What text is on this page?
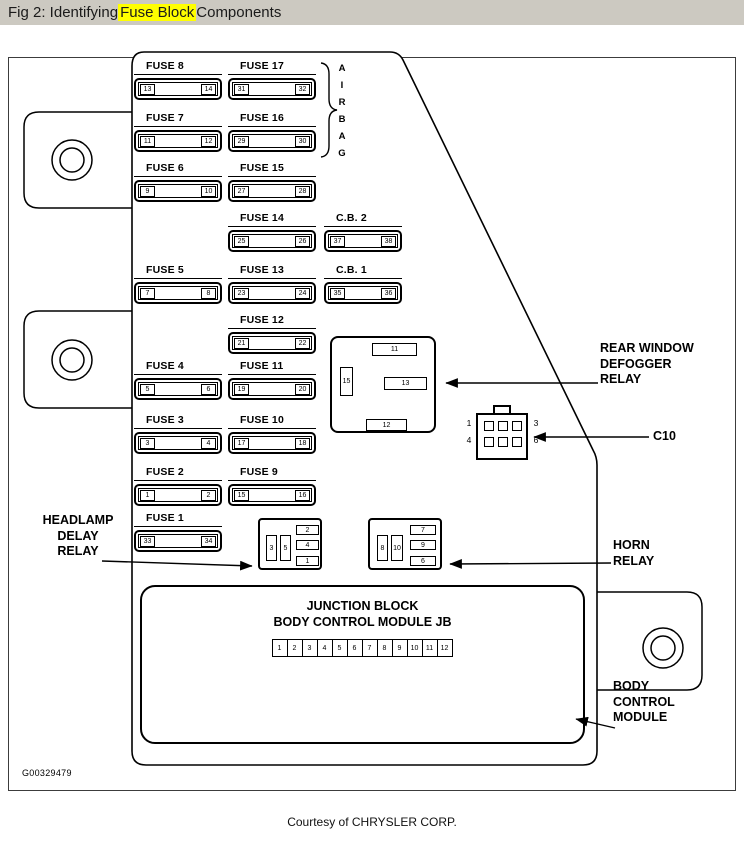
Fig 2: Identifying Fuse Block Components
FUSE 8
13	14
FUSE 7
11	12
FUSE 6
9	10
FUSE 5
7	8
FUSE 4
5	6
FUSE 3
3	4
FUSE 2
1	2
FUSE 1
33	34
FUSE 17
31	32
FUSE 16
29	30
FUSE 15
27	28
FUSE 14
25	26
FUSE 13
23	24
FUSE 12
21	22
FUSE 11
19	20
FUSE 10
17	18
FUSE 9
15	16
C.B. 2
37	38
C.B. 1
35	36
A
I
R
B
A
G
11
15	13
12	1	3
4	6
3	5
2
4
1
8	10
7
9
6
JUNCTION BLOCK
BODY CONTROL MODULE JB
1	2	3	4	5	6	7	8	9	10	11	12
REAR WINDOW
DEFOGGER
RELAY
C10
HEADLAMP
DELAY
RELAY	HORN
RELAY
BODY
CONTROL
MODULE
G00329479
Courtesy of CHRYSLER CORP.
